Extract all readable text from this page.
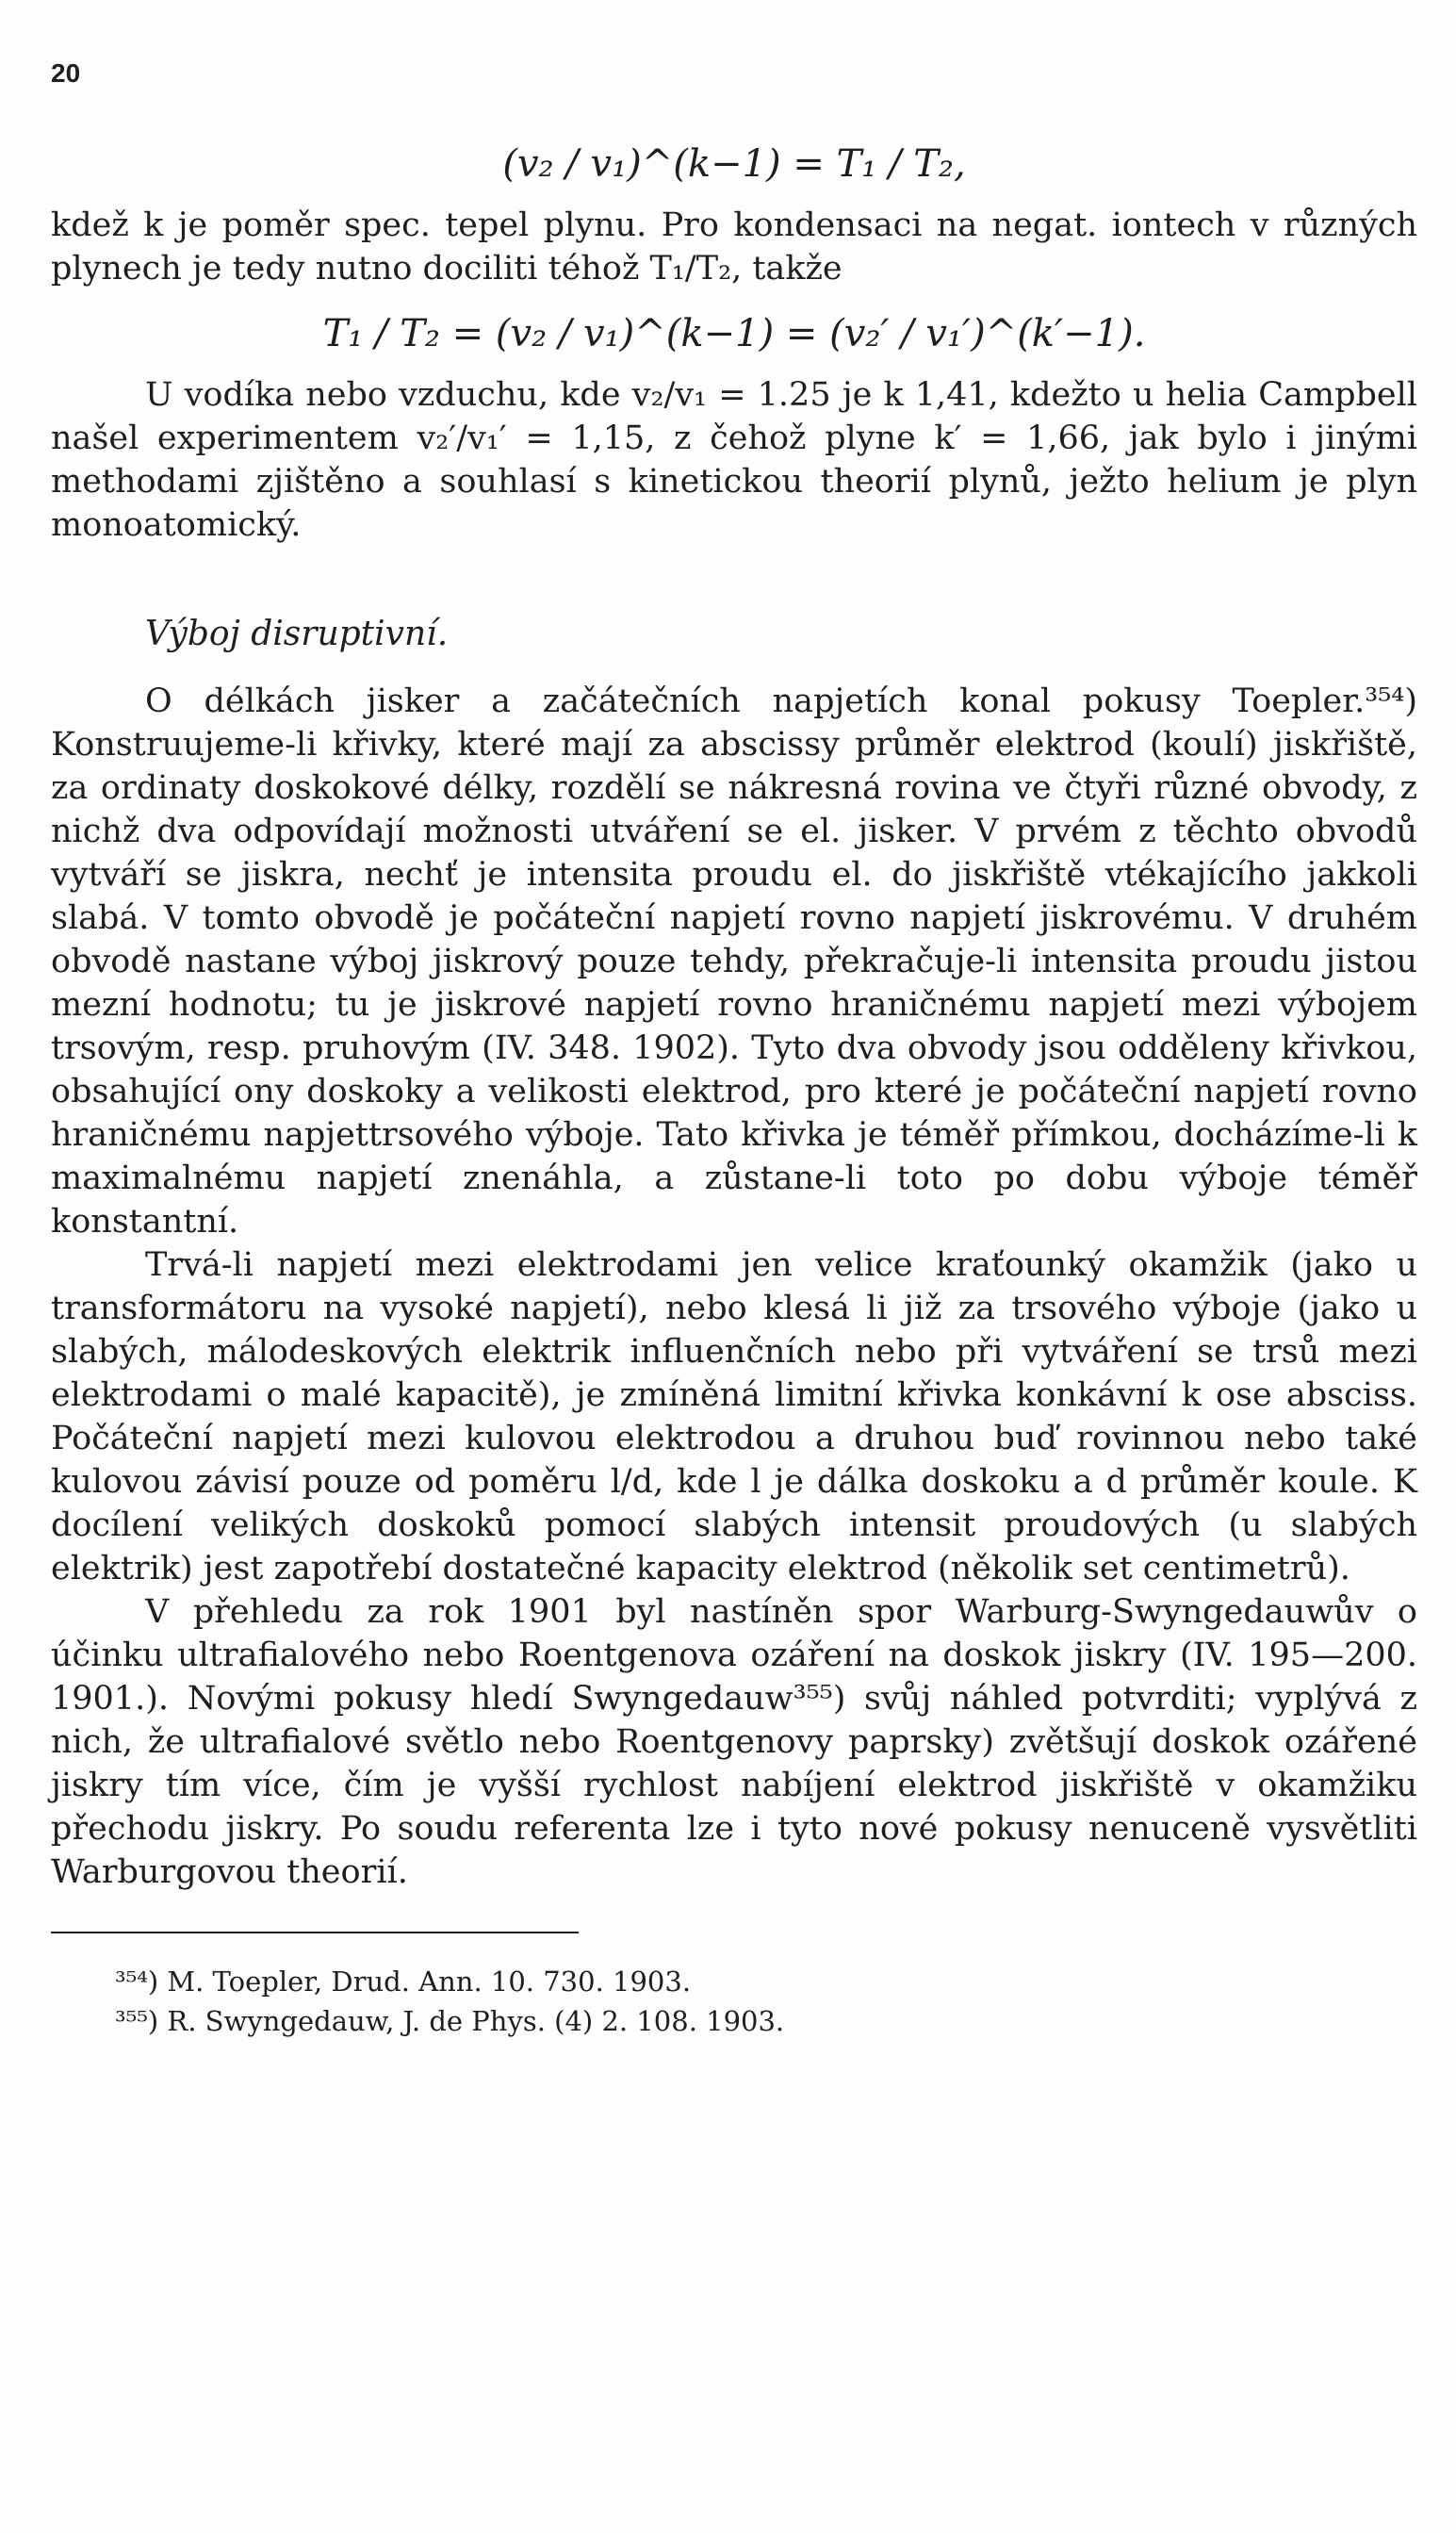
20
(v₂ / v₁)^(k−1) = T₁ / T₂,

kdež k je poměr spec. tepel plynu. Pro kondensaci na negat. iontech v různých plynech je tedy nutno dociliti téhož T₁/T₂, takže

T₁ / T₂ = (v₂ / v₁)^(k−1) = (v₂′ / v₁′)^(k′−1).

U vodíka nebo vzduchu, kde v₂/v₁ = 1.25 je k 1,41, kdežto u helia Campbell našel experimentem v₂′/v₁′ = 1,15, z čehož plyne k′ = 1,66, jak bylo i jinými methodami zjištěno a souhlasí s kinetickou theorií plynů, ježto helium je plyn monoatomický.

Výboj disruptivní.

O délkách jisker a začátečních napjetích konal pokusy Toepler.³⁵⁴) Konstruujeme-li křivky, které mají za abscissy průměr elektrod (koulí) jiskřiště, za ordinaty doskokové délky, rozdělí se nákresná rovina ve čtyři různé obvody, z nichž dva odpovídají možnosti utváření se el. jisker. V prvém z těchto obvodů vytváří se jiskra, nechť je intensita proudu el. do jiskřiště vtékajícího jakkoli slabá. V tomto obvodě je počáteční napjetí rovno napjetí jiskrovému. V druhém obvodě nastane výboj jiskrový pouze tehdy, překračuje-li intensita proudu jistou mezní hodnotu; tu je jiskrové napjetí rovno hraničnému napjetí mezi výbojem trsovým, resp. pruhovým (IV. 348. 1902). Tyto dva obvody jsou odděleny křivkou, obsahující ony doskoky a velikosti elektrod, pro které je počáteční napjetí rovno hraničnému napjettrsového výboje. Tato křivka je téměř přímkou, docházíme-li k maximalnému napjetí znenáhla, a zůstane-li toto po dobu výboje téměř konstantní.

Trvá-li napjetí mezi elektrodami jen velice kraťounký okamžik (jako u transformátoru na vysoké napjetí), nebo klesá li již za trsového výboje (jako u slabých, málodeskových elektrik influenčních nebo při vytváření se trsů mezi elektrodami o malé kapacitě), je zmíněná limitní křivka konkávní k ose absciss. Počáteční napjetí mezi kulovou elektrodou a druhou buď rovinnou nebo také kulovou závisí pouze od poměru l/d, kde l je dálka doskoku a d průměr koule. K docílení velikých doskoků pomocí slabých intensit proudových (u slabých elektrik) jest zapotřebí dostatečné kapacity elektrod (několik set centimetrů).

V přehledu za rok 1901 byl nastíněn spor Warburg-Swyngedauwův o účinku ultrafialového nebo Roentgenova ozáření na doskok jiskry (IV. 195—200. 1901.). Novými pokusy hledí Swyngedauw³⁵⁵) svůj náhled potvrditi; vyplývá z nich, že ultrafialové světlo nebo Roentgenovy paprsky) zvětšují doskok ozářené jiskry tím více, čím je vyšší rychlost nabíjení elektrod jiskřiště v okamžiku přechodu jiskry. Po soudu referenta lze i tyto nové pokusy nenuceně vysvětliti Warburgovou theorií.

³⁵⁴) M. Toepler, Drud. Ann. 10. 730. 1903.
³⁵⁵) R. Swyngedauw, J. de Phys. (4) 2. 108. 1903.
